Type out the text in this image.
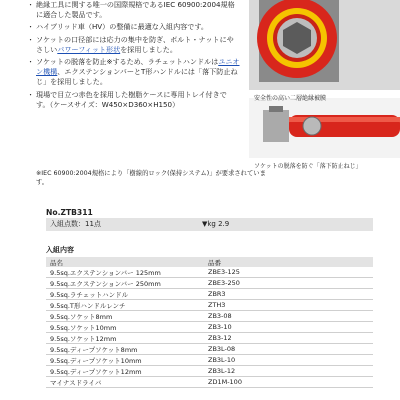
・ 絶縁工具に関する唯一の国際規格であるIEC 60900:2004規格に適合した製品です。
・ ハイブリッド車（HV）の整備に最適な入組内容です。
・ ソケットの口径部には応力の集中を防ぎ、ボルト・ナットにやさしいパワーフィット形状を採用しました。
・ ソケットの脱落を防止※するため、ラチェットハンドルはユニオン機構、エクステンションバーとT形ハンドルには「落下防止ねじ」を採用しました。
・ 現場で目立つ赤色を採用した樹脂ケースに専用トレイ付きです。（ケースサイズ：W450×D360×H150）
※IEC 60900:2004規格により「樹線的ロック(保持システム)」が要求されています。
安全性の高い二層絶縁被膜
ソケットの脱落を防ぐ「落下防止ねじ」
No.ZTB311
入組点数：11点	▼kg 2.9
入組内容
品名	品番
9.5sq.エクステンションバー 125mm	ZBE3-125
9.5sq.エクステンションバー 250mm	ZBE3-250
9.5sq.ラチェットハンドル	ZBR3
9.5sq.T形ハンドルレンチ	ZTH3
9.5sq.ソケット8mm	ZB3-08
9.5sq.ソケット10mm	ZB3-10
9.5sq.ソケット12mm	ZB3-12
9.5sq.ディープソケット8mm	ZB3L-08
9.5sq.ディープソケット10mm	ZB3L-10
9.5sq.ディープソケット12mm	ZB3L-12
マイナスドライバ	ZD1M-100
